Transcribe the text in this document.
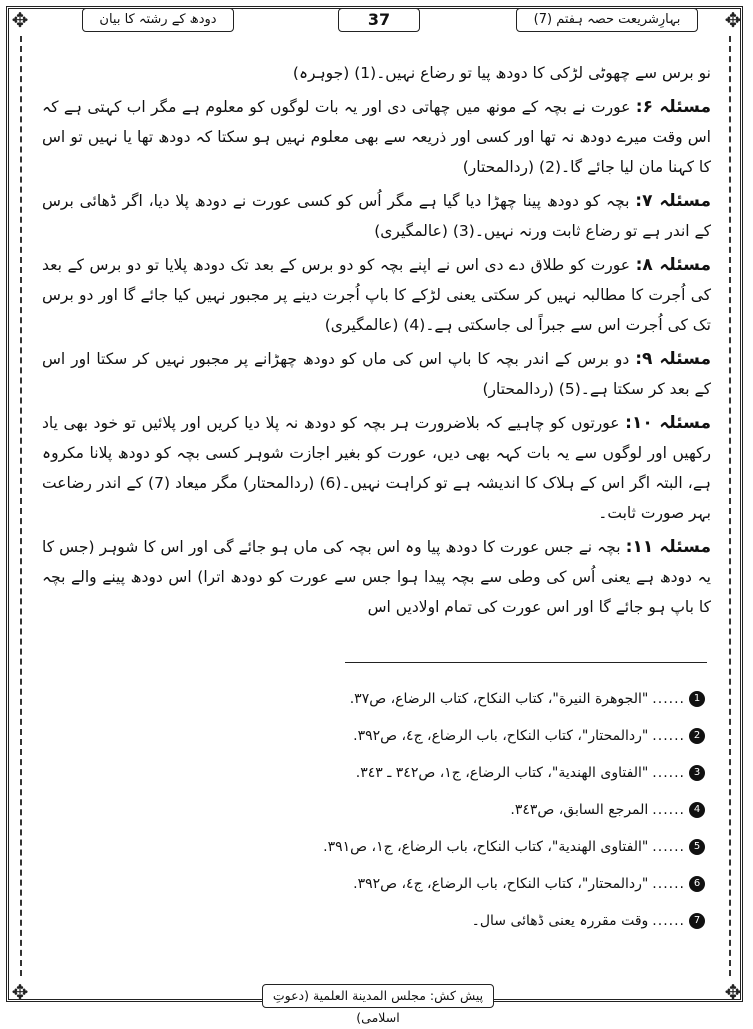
✥	✥
✥	✥
بہارِشریعت حصہ ہفتم (7)
37
دودھ کے رشتہ کا بیان

نو برس سے چھوٹی لڑکی کا دودھ پیا تو رضاع نہیں۔(1) (جوہرہ)

مسئلہ ۶: عورت نے بچہ کے مونھ میں چھاتی دی اور یہ بات لوگوں کو معلوم ہے مگر اب کہتی ہے کہ اس وقت میرے دودھ نہ تھا اور کسی اور ذریعہ سے بھی معلوم نہیں ہو سکتا کہ دودھ تھا یا نہیں تو اس کا کہنا مان لیا جائے گا۔(2) (ردالمحتار)

مسئلہ ۷: بچہ کو دودھ پینا چھڑا دیا گیا ہے مگر اُس کو کسی عورت نے دودھ پلا دیا، اگر ڈھائی برس کے اندر ہے تو رضاع ثابت ورنہ نہیں۔(3) (عالمگیری)

مسئلہ ۸: عورت کو طلاق دے دی اس نے اپنے بچہ کو دو برس کے بعد تک دودھ پلایا تو دو برس کے بعد کی اُجرت کا مطالبہ نہیں کر سکتی یعنی لڑکے کا باپ اُجرت دینے پر مجبور نہیں کیا جائے گا اور دو برس تک کی اُجرت اس سے جبراً لی جاسکتی ہے۔(4) (عالمگیری)

مسئلہ ۹: دو برس کے اندر بچہ کا باپ اس کی ماں کو دودھ چھڑانے پر مجبور نہیں کر سکتا اور اس کے بعد کر سکتا ہے۔(5) (ردالمحتار)

مسئلہ ۱۰: عورتوں کو چاہیے کہ بلاضرورت ہر بچہ کو دودھ نہ پلا دیا کریں اور پلائیں تو خود بھی یاد رکھیں اور لوگوں سے یہ بات کہہ بھی دیں، عورت کو بغیر اجازت شوہر کسی بچہ کو دودھ پلانا مکروہ ہے، البتہ اگر اس کے ہلاک کا اندیشہ ہے تو کراہت نہیں۔(6) (ردالمحتار) مگر میعاد (7) کے اندر رضاعت بہر صورت ثابت۔

مسئلہ ۱۱: بچہ نے جس عورت کا دودھ پیا وہ اس بچہ کی ماں ہو جائے گی اور اس کا شوہر (جس کا یہ دودھ ہے یعنی اُس کی وطی سے بچہ پیدا ہوا جس سے عورت کو دودھ اترا) اس دودھ پینے والے بچہ کا باپ ہو جائے گا اور اس عورت کی تمام اولادیں اس

1
......
"الجوهرة النيرة"، كتاب النكاح، كتاب الرضاع، ص٣٧.
2
......
"ردالمحتار"، كتاب النكاح، باب الرضاع، ج٤، ص٣٩٢.
3
......
"الفتاوى الهندية"، كتاب الرضاع، ج١، ص٣٤٢ ـ ٣٤٣.
4
......
المرجع السابق، ص٣٤٣.
5
......
"الفتاوى الهندية"، كتاب النكاح، باب الرضاع، ج١، ص٣٩١.
6
......
"ردالمحتار"، كتاب النكاح، باب الرضاع، ج٤، ص٣٩٢.
7
......
وقت مقررہ یعنی ڈھائی سال۔
پیش کش: مجلس المدينة العلمية (دعوتِ اسلامی)
